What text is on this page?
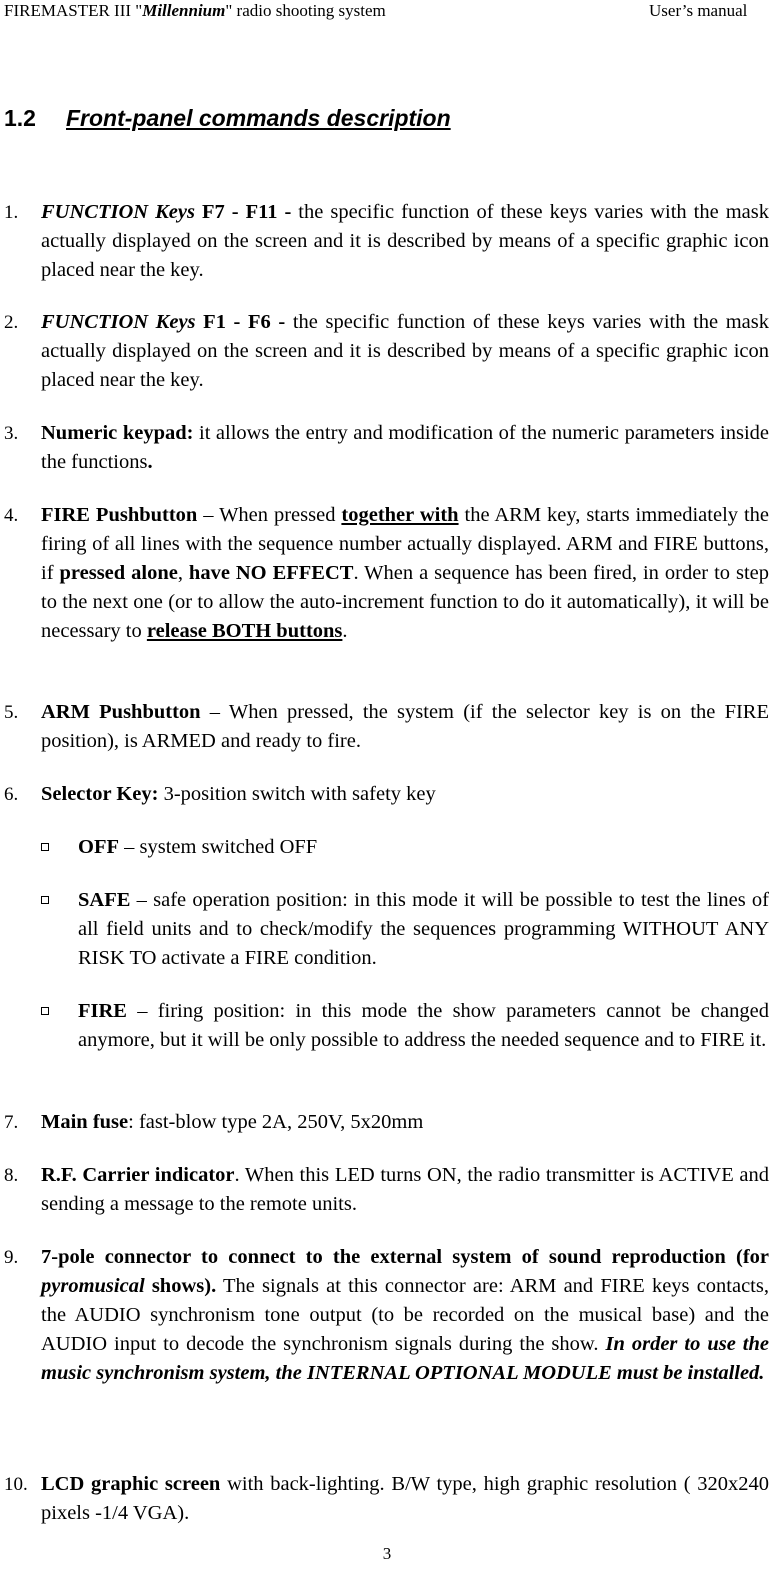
FIREMASTER III "Millennium" radio shooting system	User’s manual
1.2 Front-panel commands description
1. FUNCTION Keys F7 - F11 - the specific function of these keys varies with the mask actually displayed on the screen and it is described by means of a specific graphic icon placed near the key.
2. FUNCTION Keys F1 - F6 - the specific function of these keys varies with the mask actually displayed on the screen and it is described by means of a specific graphic icon placed near the key.
3. Numeric keypad: it allows the entry and modification of the numeric parameters inside the functions.
4. FIRE Pushbutton – When pressed together with the ARM key, starts immediately the firing of all lines with the sequence number actually displayed. ARM and FIRE buttons, if pressed alone, have NO EFFECT. When a sequence has been fired, in order to step to the next one (or to allow the auto-increment function to do it automatically), it will be necessary to release BOTH buttons.
5. ARM Pushbutton – When pressed, the system (if the selector key is on the FIRE position), is ARMED and ready to fire.
6. Selector Key: 3-position switch with safety key
OFF – system switched OFF
SAFE – safe operation position: in this mode it will be possible to test the lines of all field units and to check/modify the sequences programming WITHOUT ANY RISK TO activate a FIRE condition.
FIRE – firing position: in this mode the show parameters cannot be changed anymore, but it will be only possible to address the needed sequence and to FIRE it.
7. Main fuse: fast-blow type 2A, 250V, 5x20mm
8. R.F. Carrier indicator. When this LED turns ON, the radio transmitter is ACTIVE and sending a message to the remote units.
9. 7-pole connector to connect to the external system of sound reproduction (for pyromusical shows). The signals at this connector are: ARM and FIRE keys contacts, the AUDIO synchronism tone output (to be recorded on the musical base) and the AUDIO input to decode the synchronism signals during the show. In order to use the music synchronism system, the INTERNAL OPTIONAL MODULE must be installed.
10. LCD graphic screen with back-lighting. B/W type, high graphic resolution ( 320x240 pixels -1/4 VGA).
3
